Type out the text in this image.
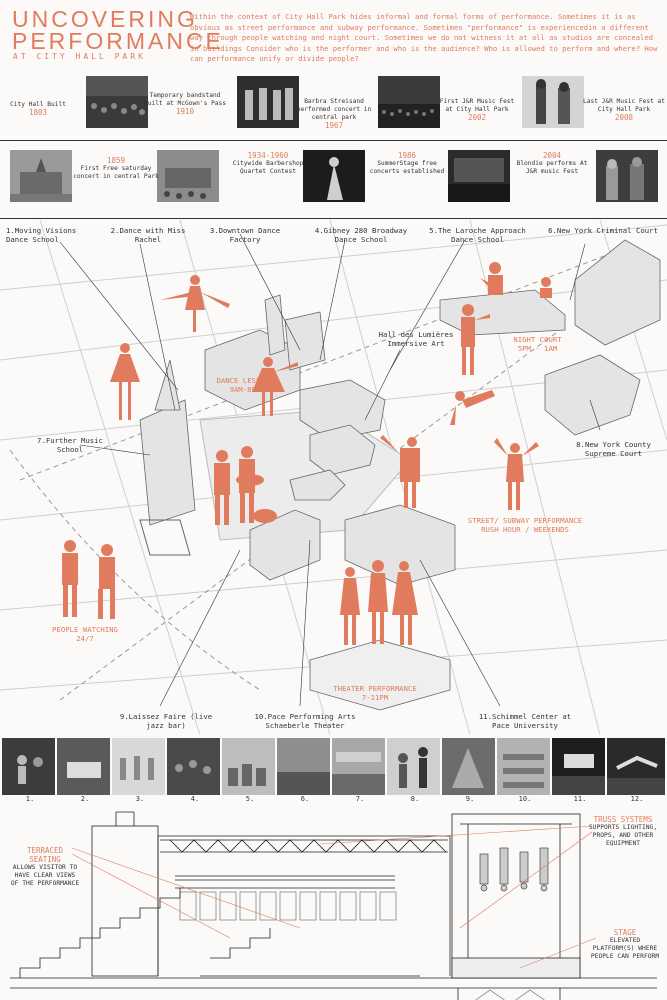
UNCOVERING
PERFORMANCE
AT CITY HALL PARK
Within the context of City Hall Park hides informal and formal forms of performance. Sometimes it is as obvious as street performance and subway performance. Sometimes "performance" is experiencedin a different way through people watching and night court. Sometimes we do not witness it at all as studios are concealed in buildings Consider who is the performer and who is the audience? Who is allowed to perform and where? How can performance unify or divide people?
City Hall Built
1803
1859
First Free saturday concert in central Park
Temporary bandstand built at McGown's Pass
1910
1934-1960
Citywide Barbershop Quartet Contest
Barbra Streisand performed concert in central park
1967
1986
SummerStage free concerts established
First J&R Music Fest at City Hall Park
2002
2004
Blondie performs At J&R music Fest
Last J&R Music Fest at City Hall Park
2008
1.Moving Visions Dance School
2.Dance with Miss Rachel
3.Downtown Dance Factory
4.Gibney 280 Broadway Dance School
5.The Laroche Approach Dance School
6.New York Criminal Court
7.Further Music School
Hall des Lumières Immersive Art
8.New York County Supreme Court
9.Laissez Faire (live jazz bar)
10.Pace Performing Arts Schaeberle Theater
11.Schimmel Center at Pace University
DANCE LESSONS
9AM-8PM
NIGHT COURT
5PM - 1AM
STREET/ SUBWAY PERFORMANCE
RUSH HOUR / WEEKENDS
PEOPLE WATCHING
24/7
THEATER PERFORMANCE
7-11PM
1.	2.	3.	4.	5.	6.	7.	8.	9.	10.	11.	12.
TERRACED SEATING
ALLOWS VISITOR TO HAVE CLEAR VIEWS OF THE PERFORMANCE
TRUSS SYSTEMS
SUPPORTS LIGHTING, PROPS, AND OTHER EQUIPMENT
STAGE
ELEVATED PLATFORM(S) WHERE PEOPLE CAN PERFORM
